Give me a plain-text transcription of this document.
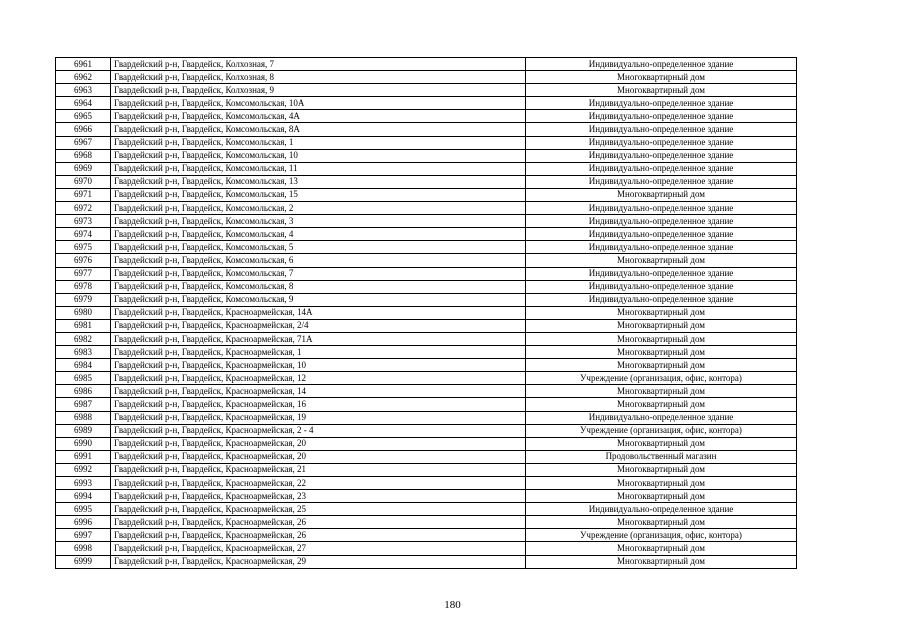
6961	Гвардейский р-н, Гвардейск, Колхозная, 7	Индивидуально-определенное здание
6962	Гвардейский р-н, Гвардейск, Колхозная, 8	Многоквартирный дом
6963	Гвардейский р-н, Гвардейск, Колхозная, 9	Многоквартирный дом
6964	Гвардейский р-н, Гвардейск, Комсомольская, 10А	Индивидуально-определенное здание
6965	Гвардейский р-н, Гвардейск, Комсомольская, 4А	Индивидуально-определенное здание
6966	Гвардейский р-н, Гвардейск, Комсомольская, 8А	Индивидуально-определенное здание
6967	Гвардейский р-н, Гвардейск, Комсомольская, 1	Индивидуально-определенное здание
6968	Гвардейский р-н, Гвардейск, Комсомольская, 10	Индивидуально-определенное здание
6969	Гвардейский р-н, Гвардейск, Комсомольская, 11	Индивидуально-определенное здание
6970	Гвардейский р-н, Гвардейск, Комсомольская, 13	Индивидуально-определенное здание
6971	Гвардейский р-н, Гвардейск, Комсомольская, 15	Многоквартирный дом
6972	Гвардейский р-н, Гвардейск, Комсомольская, 2	Индивидуально-определенное здание
6973	Гвардейский р-н, Гвардейск, Комсомольская, 3	Индивидуально-определенное здание
6974	Гвардейский р-н, Гвардейск, Комсомольская, 4	Индивидуально-определенное здание
6975	Гвардейский р-н, Гвардейск, Комсомольская, 5	Индивидуально-определенное здание
6976	Гвардейский р-н, Гвардейск, Комсомольская, 6	Многоквартирный дом
6977	Гвардейский р-н, Гвардейск, Комсомольская, 7	Индивидуально-определенное здание
6978	Гвардейский р-н, Гвардейск, Комсомольская, 8	Индивидуально-определенное здание
6979	Гвардейский р-н, Гвардейск, Комсомольская, 9	Индивидуально-определенное здание
6980	Гвардейский р-н, Гвардейск, Красноармейская, 14А	Многоквартирный дом
6981	Гвардейский р-н, Гвардейск, Красноармейская, 2/4	Многоквартирный дом
6982	Гвардейский р-н, Гвардейск, Красноармейская, 71А	Многоквартирный дом
6983	Гвардейский р-н, Гвардейск, Красноармейская, 1	Многоквартирный дом
6984	Гвардейский р-н, Гвардейск, Красноармейская, 10	Многоквартирный дом
6985	Гвардейский р-н, Гвардейск, Красноармейская, 12	Учреждение (организация, офис, контора)
6986	Гвардейский р-н, Гвардейск, Красноармейская, 14	Многоквартирный дом
6987	Гвардейский р-н, Гвардейск, Красноармейская, 16	Многоквартирный дом
6988	Гвардейский р-н, Гвардейск, Красноармейская, 19	Индивидуально-определенное здание
6989	Гвардейский р-н, Гвардейск, Красноармейская, 2 - 4	Учреждение (организация, офис, контора)
6990	Гвардейский р-н, Гвардейск, Красноармейская, 20	Многоквартирный дом
6991	Гвардейский р-н, Гвардейск, Красноармейская, 20	Продовольственный магазин
6992	Гвардейский р-н, Гвардейск, Красноармейская, 21	Многоквартирный дом
6993	Гвардейский р-н, Гвардейск, Красноармейская, 22	Многоквартирный дом
6994	Гвардейский р-н, Гвардейск, Красноармейская, 23	Многоквартирный дом
6995	Гвардейский р-н, Гвардейск, Красноармейская, 25	Индивидуально-определенное здание
6996	Гвардейский р-н, Гвардейск, Красноармейская, 26	Многоквартирный дом
6997	Гвардейский р-н, Гвардейск, Красноармейская, 26	Учреждение (организация, офис, контора)
6998	Гвардейский р-н, Гвардейск, Красноармейская, 27	Многоквартирный дом
6999	Гвардейский р-н, Гвардейск, Красноармейская, 29	Многоквартирный дом
180
